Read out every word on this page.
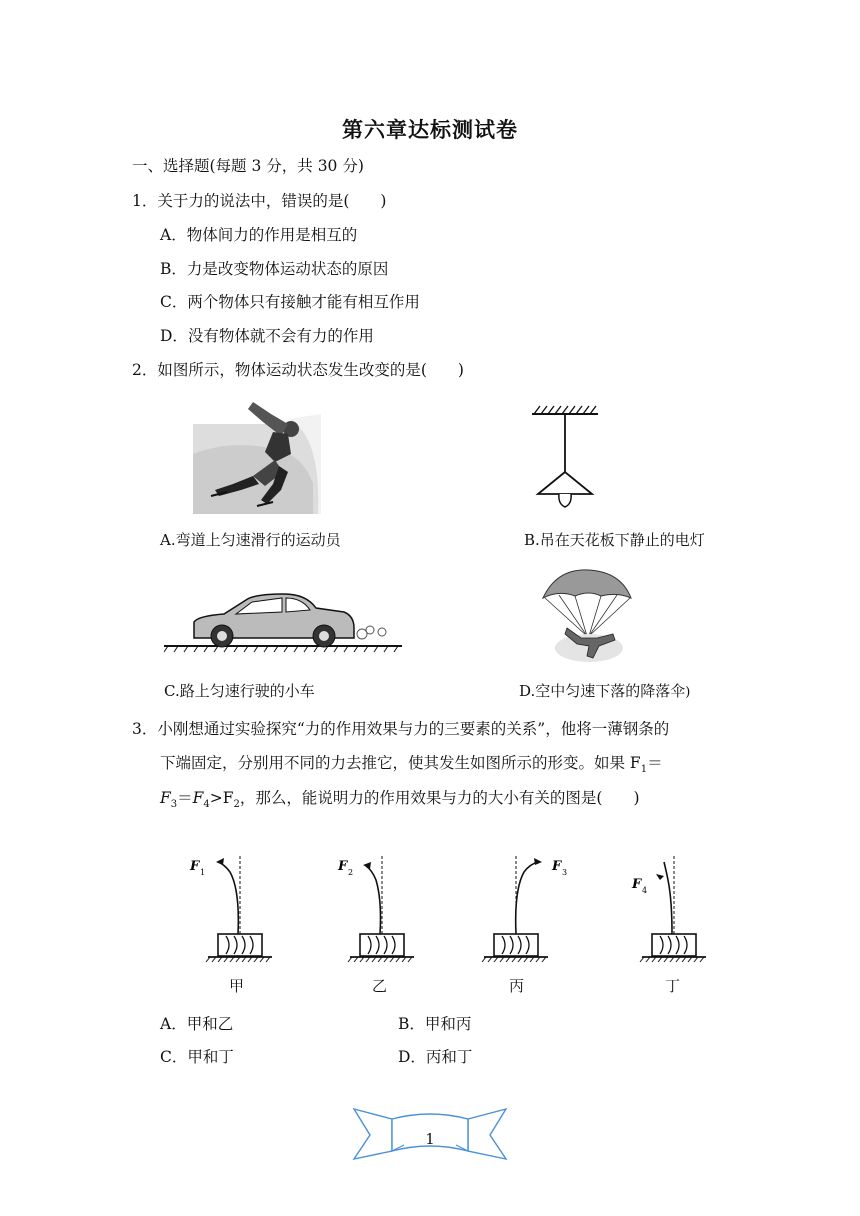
第六章达标测试卷
一、选择题(每题 3 分，共 30 分)
1．关于力的说法中，错误的是(　　)
A．物体间力的作用是相互的
B．力是改变物体运动状态的原因
C．两个物体只有接触才能有相互作用
D．没有物体就不会有力的作用
2．如图所示，物体运动状态发生改变的是(　　)
A.弯道上匀速滑行的运动员	B.吊在天花板下静止的电灯
C.路上匀速行驶的小车	D.空中匀速下落的降落伞)
3．小刚想通过实验探究“力的作用效果与力的三要素的关系”，他将一薄钢条的
下端固定，分别用不同的力去推它，使其发生如图所示的形变。如果 $F_1=$
$F_3=F_4>F_2$，那么，能说明力的作用效果与力的大小有关的图是(　　)
F 1	F 2	F 3
F 4
甲	乙	丙	丁
A．甲和乙	B．甲和丙
C．甲和丁	D．丙和丁
1
